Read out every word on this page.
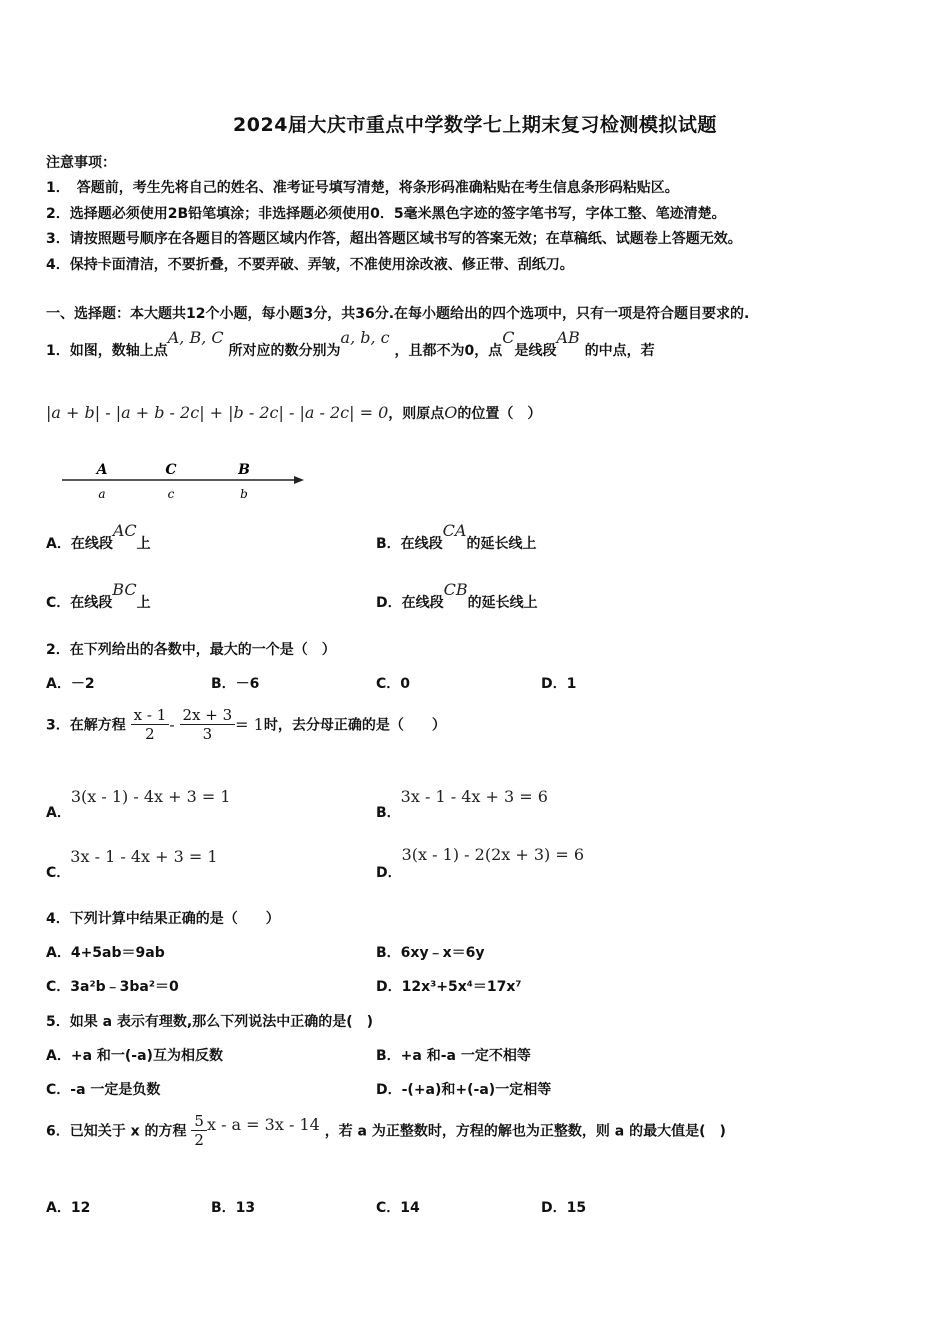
2024届大庆市重点中学数学七上期末复习检测模拟试题
注意事项：
1．　答题前，考生先将自己的姓名、准考证号填写清楚，将条形码准确粘贴在考生信息条形码粘贴区。
2．选择题必须使用2B铅笔填涂；非选择题必须使用0．5毫米黑色字迹的签字笔书写，字体工整、笔迹清楚。
3．请按照题号顺序在各题目的答题区域内作答，超出答题区域书写的答案无效；在草稿纸、试题卷上答题无效。
4．保持卡面清洁，不要折叠，不要弄破、弄皱，不准使用涂改液、修正带、刮纸刀。
一、选择题：本大题共12个小题，每小题3分，共36分.在每小题给出的四个选项中，只有一项是符合题目要求的.
1．如图，数轴上点A, B, C 所对应的数分别为a, b, c ，且都不为0，点C是线段AB 的中点，若
|a + b| - |a + b - 2c| + |b - 2c| - |a - 2c| = 0，则原点O的位置（　）
A	C	B
a	c	b
A．在线段AC上	B．在线段CA的延长线上
C．在线段BC上	D．在线段CB的延长线上
2．在下列给出的各数中，最大的一个是（　）
A．－2	B．－6	C．0	D．1
3．在解方程 $\frac{x - 1}{2} - \frac{2x + 3}{3} = 1$时，去分母正确的是（　　）
A．3(x - 1) - 4x + 3 = 1
B．3x - 1 - 4x + 3 = 6
C．3x - 1 - 4x + 3 = 1
D．3(x - 1) - 2(2x + 3) = 6
4．下列计算中结果正确的是（　　）
A．4+5ab＝9ab	B．6xy﹣x＝6y
C．3a²b﹣3ba²＝0	D．12x³+5x⁴＝17x⁷
5．如果 a 表示有理数,那么下列说法中正确的是(　)
A．+a 和一(-a)互为相反数	B．+a 和-a 一定不相等
C．-a 一定是负数	D．-(+a)和+(-a)一定相等
6．已知关于 x 的方程 $\frac{5}{2}$ x - a = 3x - 14 ，若 a 为正整数时，方程的解也为正整数，则 a 的最大值是(　)
A．12	B．13	C．14	D．15
